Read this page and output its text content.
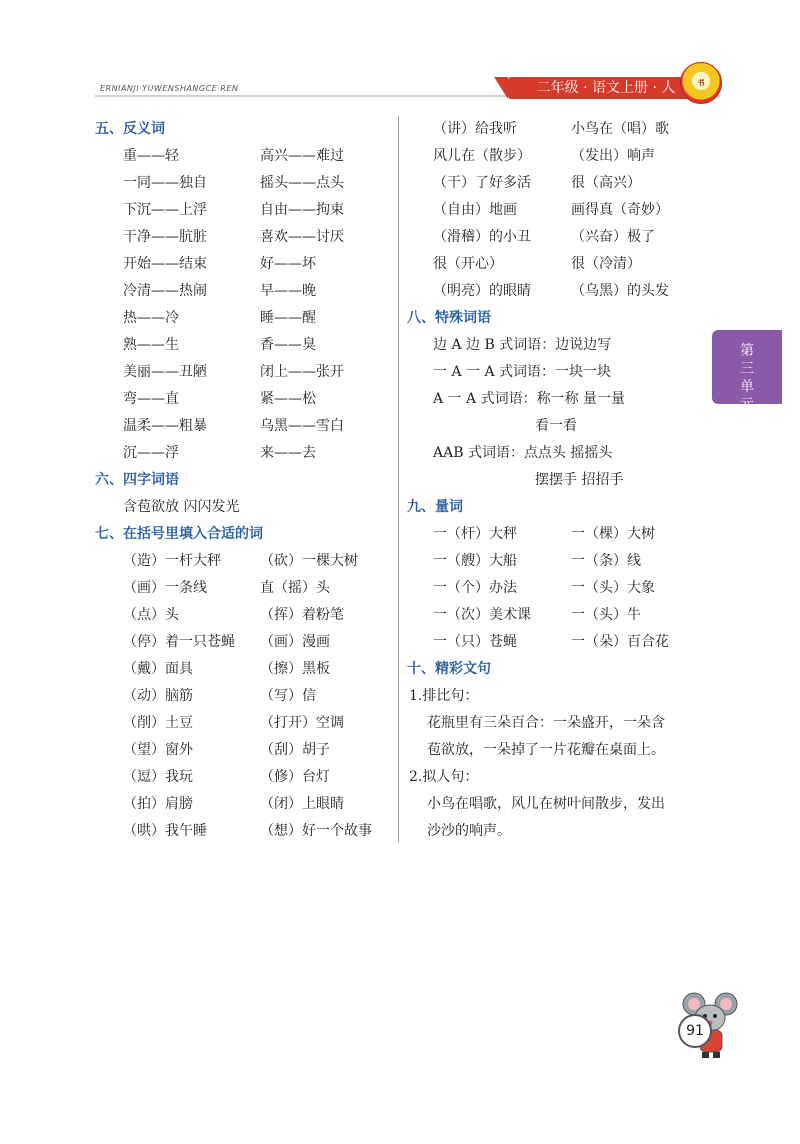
ERNIANJI·YUWENSHANGCE·REN	二年级 · 语文上册 · 人	书
五、反义词
重——轻	高兴——难过
一同——独自	摇头——点头
下沉——上浮	自由——拘束
干净——肮脏	喜欢——讨厌
开始——结束	好——坏
冷清——热闹	早——晚
热——冷	睡——醒
熟——生	香——臭
美丽——丑陋	闭上——张开
弯——直	紧——松
温柔——粗暴	乌黑——雪白
沉——浮	来——去
六、四字词语
含苞欲放 闪闪发光
七、在括号里填入合适的词
（造）一杆大秤	（砍）一棵大树
（画）一条线	直（摇）头
（点）头	（挥）着粉笔
（停）着一只苍蝇 （画）漫画
（戴）面具	（擦）黑板
（动）脑筋	（写）信
（削）土豆	（打开）空调
（望）窗外	（刮）胡子
（逗）我玩	（修）台灯
（拍）肩膀	（闭）上眼睛
（哄）我午睡	（想）好一个故事
（讲）给我听	小鸟在（唱）歌
风儿在（散步）	（发出）响声
（干）了好多活	很（高兴）
（自由）地画	画得真（奇妙）
（滑稽）的小丑	（兴奋）极了
很（开心）	很（冷清）
（明亮）的眼睛	（乌黑）的头发
八、特殊词语
边 A 边 B 式词语：边说边写
一 A 一 A 式词语：一块一块
A 一 A 式词语：称一称 量一量
看一看
AAB 式词语：点点头 摇摇头
摆摆手 招招手
九、量词
一（杆）大秤	一（棵）大树
一（艘）大船	一（条）线
一（个）办法	一（头）大象
一（次）美术课	一（头）牛
一（只）苍蝇	一（朵）百合花
十、精彩文句
1.排比句：
花瓶里有三朵百合：一朵盛开，一朵含
苞欲放，一朵掉了一片花瓣在桌面上。
2.拟人句：
小鸟在唱歌，风儿在树叶间散步，发出
沙沙的响声。
第三单元
91
